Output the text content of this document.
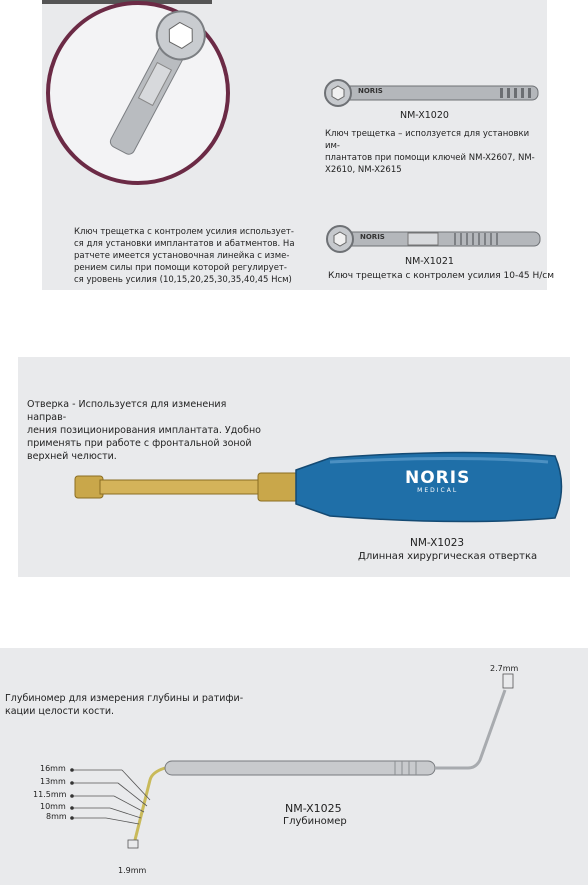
NORIS
NORIS
NM-X1020
Ключ трещетка – исползуется для установки им-
плантатов при помощи ключей NM-X2607, NM-
X2610, NM-X2615
Ключ трещетка с контролем усилия использует-
ся для установки имплантатов и абатментов. На
ратчете имеется установочная линейка с изме-
рением силы при помощи которой регулирует-
ся уровень усилия (10,15,20,25,30,35,40,45 Нсм)
NM-X1021
Ключ трещетка с контролем усилия 10-45 Н/см
NORIS
MEDICAL
Отверка - Используется для изменения направ-
ления позиционирования имплантата. Удобно
применять при работе с фронтальной зоной
верхней челюсти.
NM-X1023
Длинная хирургическая отвертка
Глубиномер для измерения глубины и ратифи-
кации целости кости.
2.7mm
1.9mm
16mm
13mm
11.5mm
10mm
8mm
NM-X1025
Глубиномер
